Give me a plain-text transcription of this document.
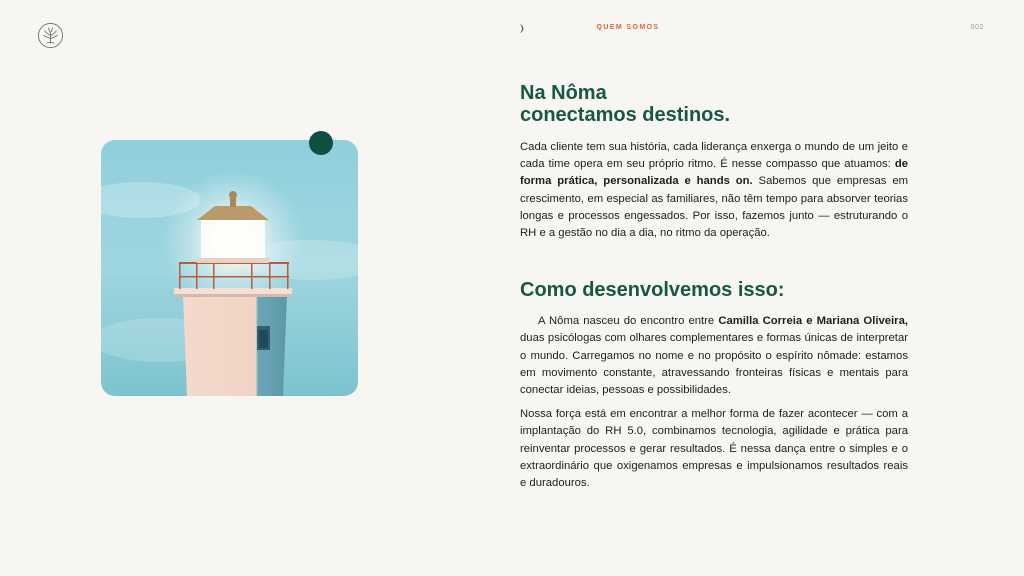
QUEM SOMOS	002
Na Nôma
conectamos destinos.

Cada cliente tem sua história, cada liderança enxerga o mundo de um jeito e cada time opera em seu próprio ritmo. É nesse compasso que atuamos: de forma prática, personalizada e hands on. Sabemos que empresas em crescimento, em especial as familiares, não têm tempo para absorver teorias longas e processos engessados. Por isso, fazemos junto — estruturando o RH e a gestão no dia a dia, no ritmo da operação.

Como desenvolvemos isso:

A Nôma nasceu do encontro entre Camilla Correia e Mariana Oliveira, duas psicólogas com olhares complementares e formas únicas de interpretar o mundo. Carregamos no nome e no propósito o espírito nômade: estamos em movimento constante, atravessando fronteiras físicas e mentais para conectar ideias, pessoas e possibilidades.

Nossa força está em encontrar a melhor forma de fazer acontecer — com a implantação do RH 5.0, combinamos tecnologia, agilidade e prática para reinventar processos e gerar resultados. É nessa dança entre o simples e o extraordinário que oxigenamos empresas e impulsionamos resultados reais e duradouros.
